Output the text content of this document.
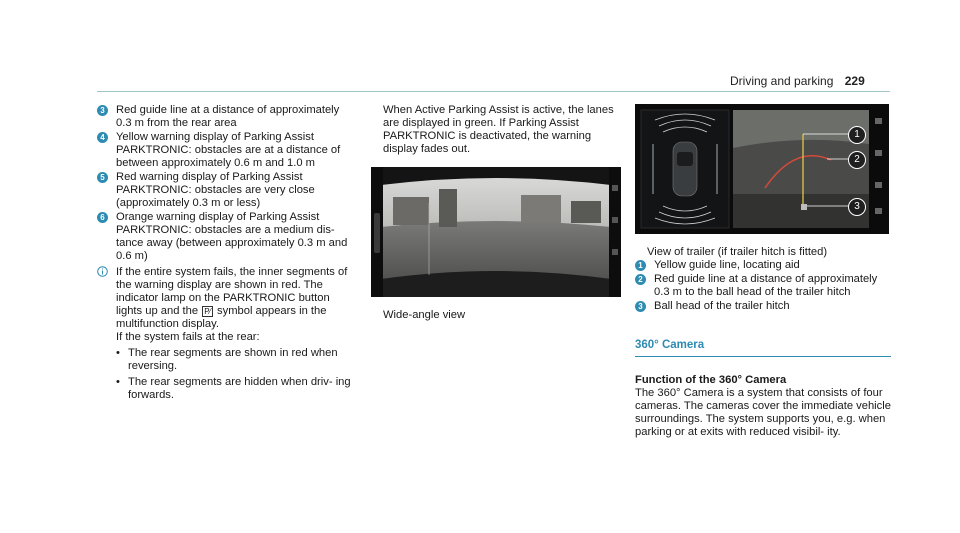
Driving and parking 229
3 Red guide line at a distance of approximately 0.3 m from the rear area
4 Yellow warning display of Parking Assist PARKTRONIC: obstacles are at a distance of between approximately 0.6 m and 1.0 m
5 Red warning display of Parking Assist PARKTRONIC: obstacles are very close (approximately 0.3 m or less)
6 Orange warning display of Parking Assist PARKTRONIC: obstacles are a medium dis- tance away (between approximately 0.3 m and 0.6 m)
If the entire system fails, the inner segments of the warning display are shown in red. The indicator lamp on the PARKTRONIC button lights up and the P⁄ symbol appears in the multifunction display.
If the system fails at the rear:
• The rear segments are shown in red when reversing.
• The rear segments are hidden when driv- ing forwards.
When Active Parking Assist is active, the lanes are displayed in green. If Parking Assist PARKTRONIC is deactivated, the warning display fades out.
Wide-angle view
1
2
3
View of trailer (if trailer hitch is fitted)
1 Yellow guide line, locating aid
2 Red guide line at a distance of approximately 0.3 m to the ball head of the trailer hitch
3 Ball head of the trailer hitch
360° Camera
Function of the 360° Camera
The 360° Camera is a system that consists of four cameras. The cameras cover the immediate vehicle surroundings. The system supports you, e.g. when parking or at exits with reduced visibil- ity.
